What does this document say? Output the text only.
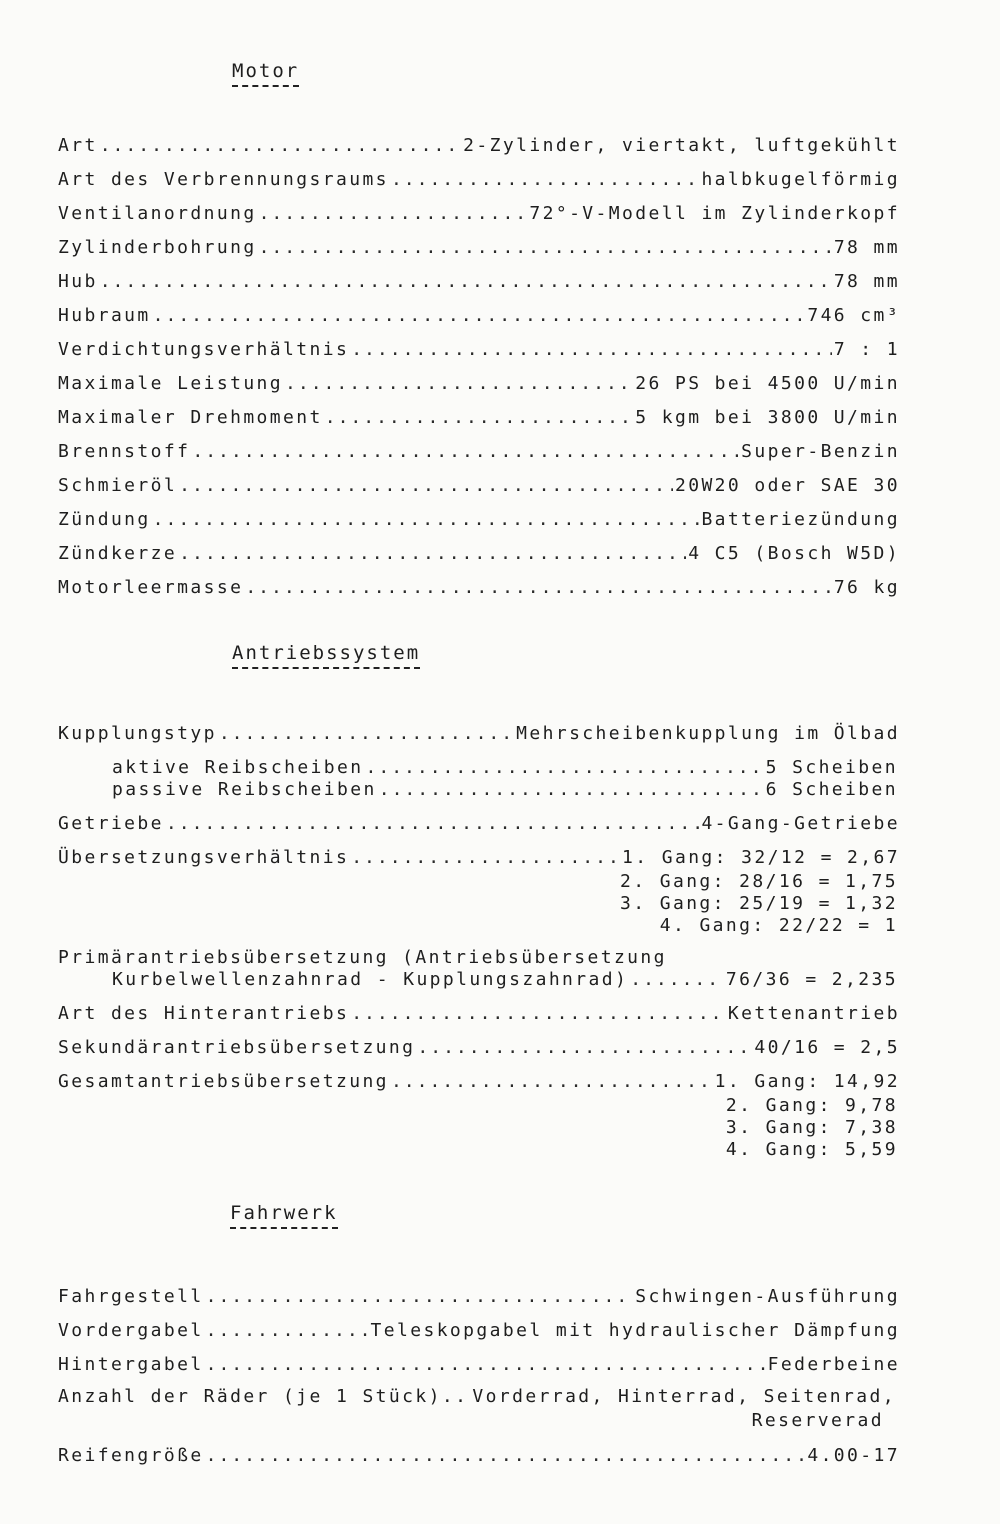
Motor
Art .....	2-Zylinder, viertakt, luftgekühlt
Art des Verbrennungsraums .....	halbkugelförmig
Ventilanordnung .....	72°-V-Modell im Zylinderkopf
Zylinderbohrung .....	78 mm
Hub .....	78 mm
Hubraum .....	746 cm³
Verdichtungsverhältnis .....	7 : 1
Maximale Leistung .....	26 PS bei 4500 U/min
Maximaler Drehmoment .....	5 kgm bei 3800 U/min
Brennstoff .....	Super-Benzin
Schmieröl .....	20W20 oder SAE 30
Zündung .....	Batteriezündung
Zündkerze .....	4 C5 (Bosch W5D)
Motorleermasse .....	76 kg
Antriebssystem
Kupplungstyp .....	Mehrscheibenkupplung im Ölbad
aktive Reibscheiben .....	5 Scheiben
passive Reibscheiben .....	6 Scheiben
Getriebe .....	4-Gang-Getriebe
Übersetzungsverhältnis .....	1. Gang: 32/12 = 2,67
2. Gang: 28/16 = 1,75
3. Gang: 25/19 = 1,32
4. Gang: 22/22 = 1
Primärantriebsübersetzung (Antriebsübersetzung
Kurbelwellenzahnrad - Kupplungszahnrad) .....	76/36 = 2,235
Art des Hinterantriebs .....	Kettenantrieb
Sekundärantriebsübersetzung .....	40/16 = 2,5
Gesamtantriebsübersetzung .....	1. Gang: 14,92
2. Gang: 9,78
3. Gang: 7,38
4. Gang: 5,59
Fahrwerk
Fahrgestell .....	Schwingen-Ausführung
Vordergabel .....	Teleskopgabel mit hydraulischer Dämpfung
Hintergabel .....	Federbeine
Anzahl der Räder (je 1 Stück).. Vorderrad, Hinterrad, Seitenrad,
Reserverad
Reifengröße .....	4.00-17
